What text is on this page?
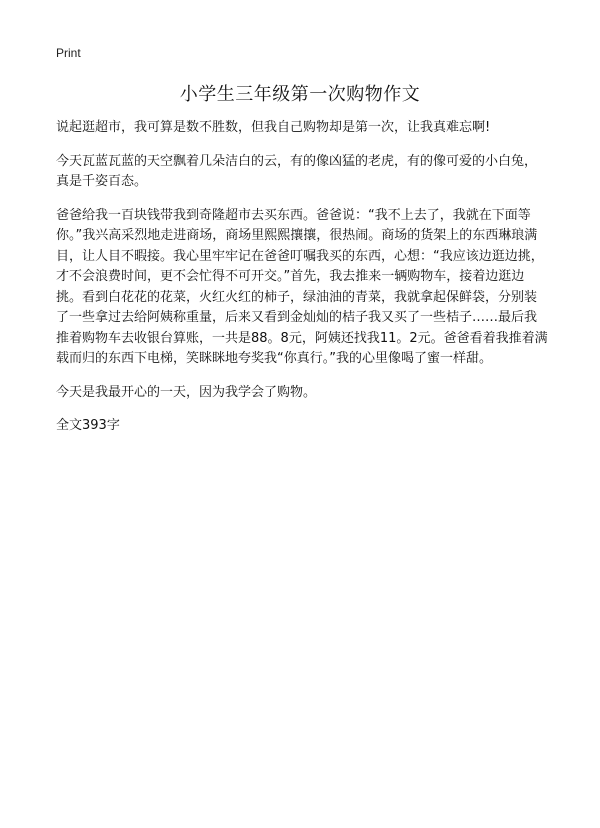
Print
小学生三年级第一次购物作文

说起逛超市，我可算是数不胜数，但我自己购物却是第一次，让我真难忘啊!

今天瓦蓝瓦蓝的天空飘着几朵洁白的云，有的像凶猛的老虎，有的像可爱的小白兔，真是千姿百态。

爸爸给我一百块钱带我到奇隆超市去买东西。爸爸说：“我不上去了，我就在下面等你。”我兴高采烈地走进商场，商场里熙熙攘攘，很热闹。商场的货架上的东西琳琅满目，让人目不暇接。我心里牢牢记在爸爸叮嘱我买的东西，心想：“我应该边逛边挑，才不会浪费时间，更不会忙得不可开交。”首先，我去推来一辆购物车，接着边逛边挑。看到白花花的花菜，火红火红的柿子，绿油油的青菜，我就拿起保鲜袋，分别装了一些拿过去给阿姨称重量，后来又看到金灿灿的桔子我又买了一些桔子……最后我推着购物车去收银台算账，一共是88。8元，阿姨还找我11。2元。爸爸看着我推着满载而归的东西下电梯，笑眯眯地夸奖我“你真行。”我的心里像喝了蜜一样甜。

今天是我最开心的一天，因为我学会了购物。

全文393字
